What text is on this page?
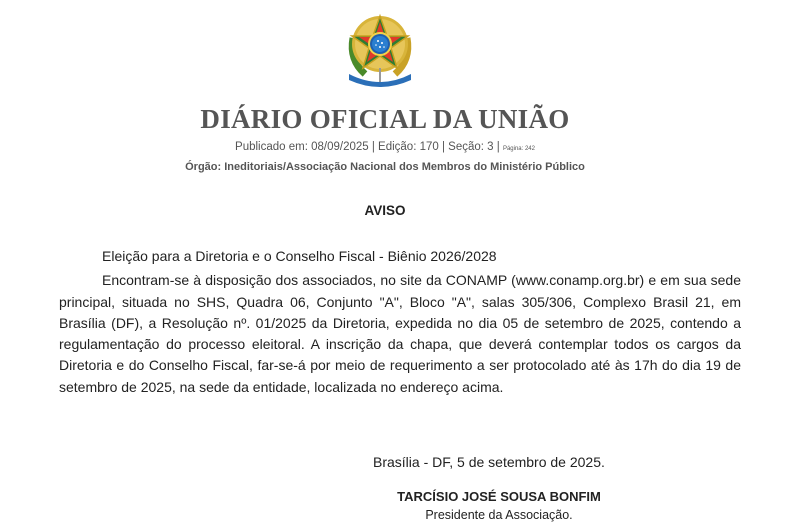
DIÁRIO OFICIAL DA UNIÃO
Publicado em: 08/09/2025 | Edição: 170 | Seção: 3 | Página: 242
Órgão: Ineditoriais/Associação Nacional dos Membros do Ministério Público
AVISO

Eleição para a Diretoria e o Conselho Fiscal - Biênio 2026/2028

Encontram-se à disposição dos associados, no site da CONAMP (www.conamp.org.br) e em sua sede principal, situada no SHS, Quadra 06, Conjunto "A", Bloco "A", salas 305/306, Complexo Brasil 21, em Brasília (DF), a Resolução nº. 01/2025 da Diretoria, expedida no dia 05 de setembro de 2025, contendo a regulamentação do processo eleitoral. A inscrição da chapa, que deverá contemplar todos os cargos da Diretoria e do Conselho Fiscal, far-se-á por meio de requerimento a ser protocolado até às 17h do dia 19 de setembro de 2025, na sede da entidade, localizada no endereço acima.

Brasília - DF, 5 de setembro de 2025.
TARCÍSIO JOSÉ SOUSA BONFIM
Presidente da Associação.
